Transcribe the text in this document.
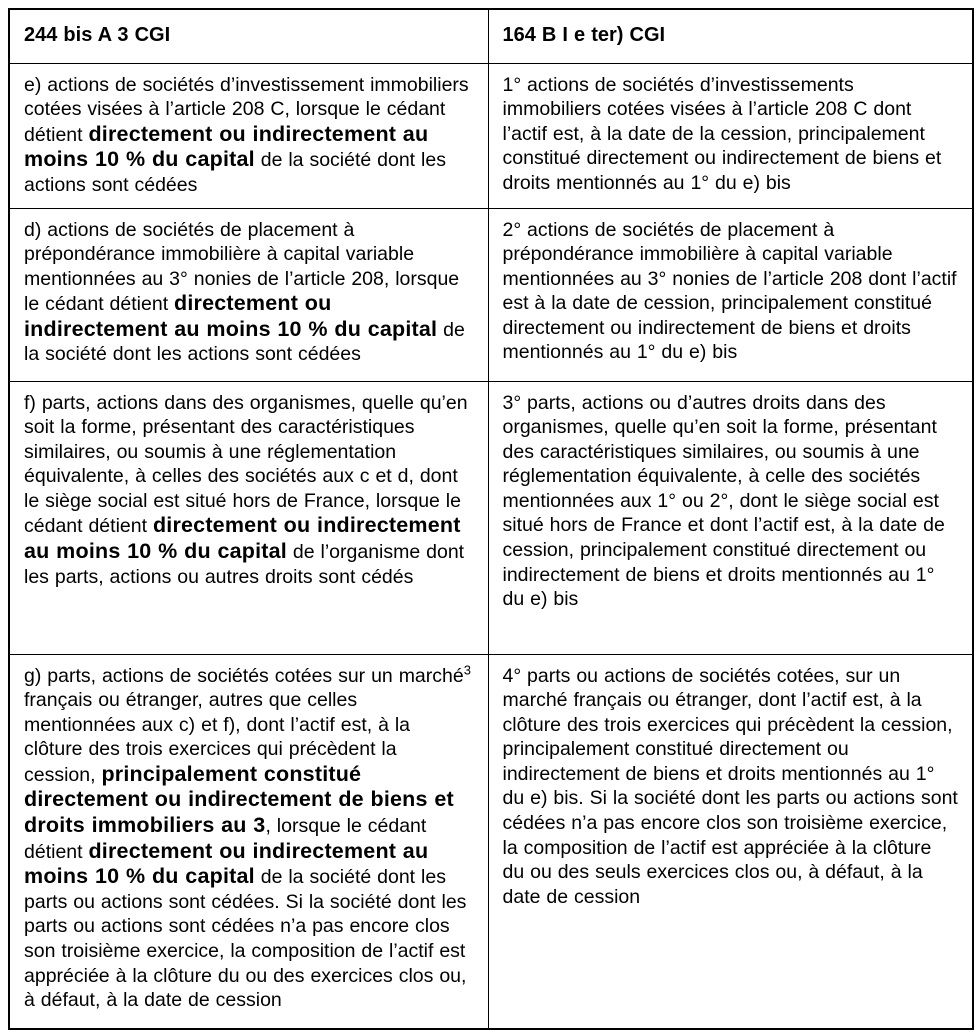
244 bis A 3 CGI	164 B I e ter) CGI
e) actions de sociétés d’investissement immobiliers cotées visées à l’article 208 C, lorsque le cédant détient directement ou indirectement au moins 10 % du capital de la société dont les actions sont cédées	1° actions de sociétés d’investissements immobiliers cotées visées à l’article 208 C dont l’actif est, à la date de la cession, principalement constitué directement ou indirectement de biens et droits mentionnés au 1° du e) bis
d) actions de sociétés de placement à prépondérance immobilière à capital variable mentionnées au 3° nonies de l’article 208, lorsque le cédant détient directement ou indirectement au moins 10 % du capital de la société dont les actions sont cédées	2° actions de sociétés de placement à prépondérance immobilière à capital variable mentionnées au 3° nonies de l’article 208 dont l’actif est à la date de cession, principalement constitué directement ou indirectement de biens et droits mentionnés au 1° du e) bis
f) parts, actions dans des organismes, quelle qu’en soit la forme, présentant des caractéristiques similaires, ou soumis à une réglementation équivalente, à celles des sociétés aux c et d, dont le siège social est situé hors de France, lorsque le cédant détient directement ou indirectement au moins 10 % du capital de l’organisme dont les parts, actions ou autres droits sont cédés	3° parts, actions ou d’autres droits dans des organismes, quelle qu’en soit la forme, présentant des caractéristiques similaires, ou soumis à une réglementation équivalente, à celle des sociétés mentionnées aux 1° ou 2°, dont le siège social est situé hors de France et dont l’actif est, à la date de cession, principalement constitué directement ou indirectement de biens et droits mentionnés au 1° du e) bis
g) parts, actions de sociétés cotées sur un marché$^3$ français ou étranger, autres que celles mentionnées aux c) et f), dont l’actif est, à la clôture des trois exercices qui précèdent la cession, principalement constitué directement ou indirectement de biens et droits immobiliers au 3, lorsque le cédant détient directement ou indirectement au moins 10 % du capital de la société dont les parts ou actions sont cédées. Si la société dont les parts ou actions sont cédées n’a pas encore clos son troisième exercice, la composition de l’actif est appréciée à la clôture du ou des exercices clos ou, à défaut, à la date de cession	4° parts ou actions de sociétés cotées, sur un marché français ou étranger, dont l’actif est, à la clôture des trois exercices qui précèdent la cession, principalement constitué directement ou indirectement de biens et droits mentionnés au 1° du e) bis. Si la société dont les parts ou actions sont cédées n’a pas encore clos son troisième exercice, la composition de l’actif est appréciée à la clôture du ou des seuls exercices clos ou, à défaut, à la date de cession
